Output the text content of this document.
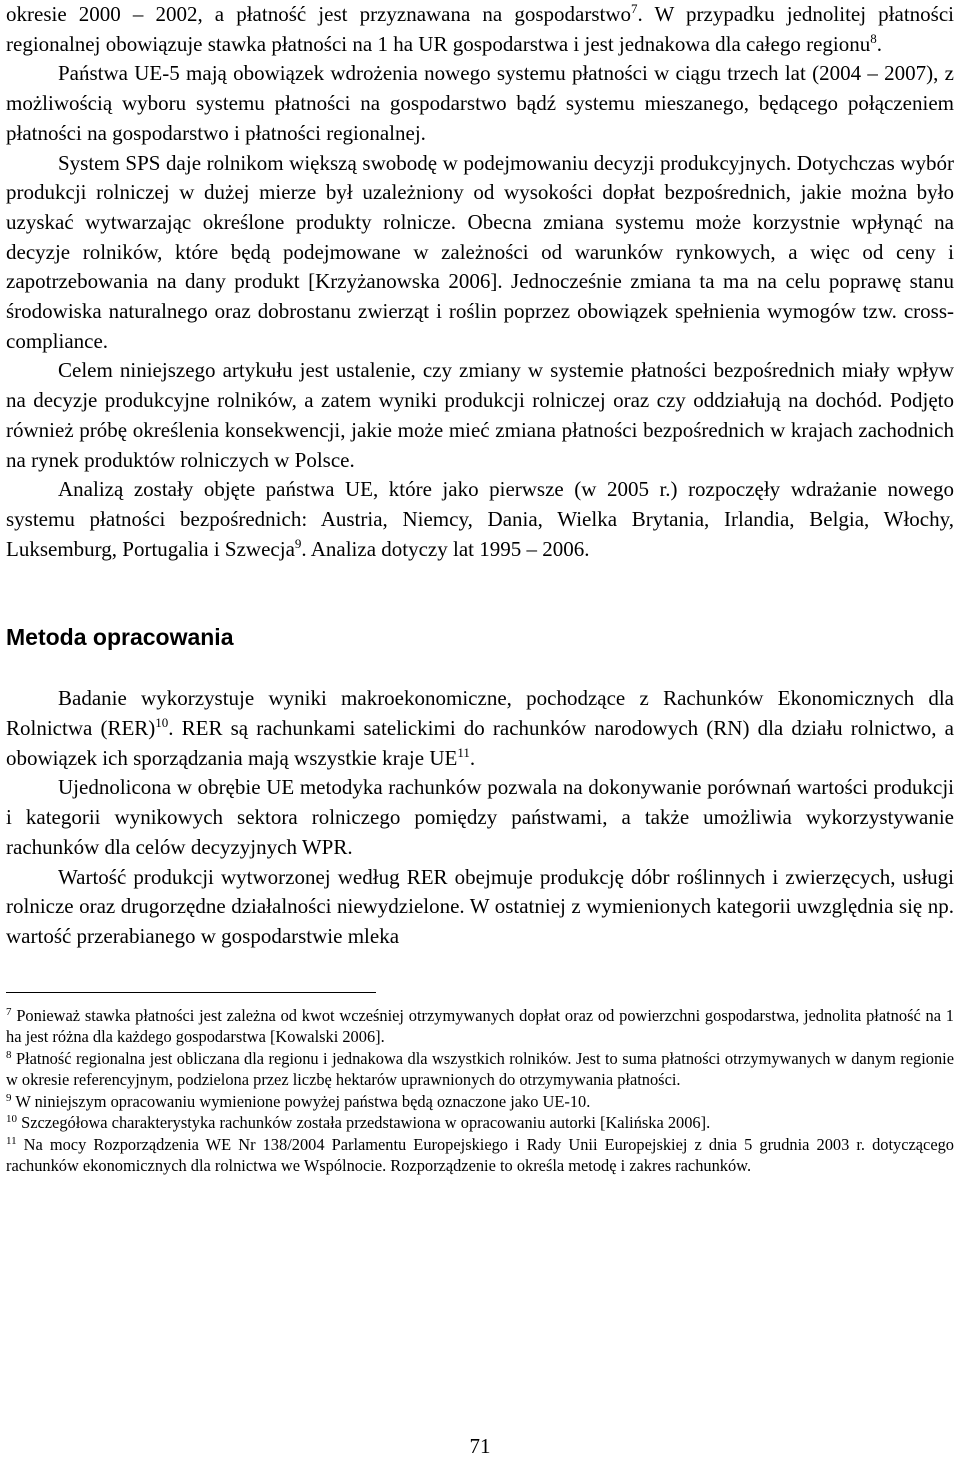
okresie 2000 – 2002, a płatność jest przyznawana na gospodarstwo$^7$. W przypadku jednolitej płatności regionalnej obowiązuje stawka płatności na 1 ha UR gospodarstwa i jest jednakowa dla całego regionu$^8$.

Państwa UE-5 mają obowiązek wdrożenia nowego systemu płatności w ciągu trzech lat (2004 – 2007), z możliwością wyboru systemu płatności na gospodarstwo bądź systemu mieszanego, będącego połączeniem płatności na gospodarstwo i płatności regionalnej.

System SPS daje rolnikom większą swobodę w podejmowaniu decyzji produkcyjnych. Dotychczas wybór produkcji rolniczej w dużej mierze był uzależniony od wysokości dopłat bezpośrednich, jakie można było uzyskać wytwarzając określone produkty rolnicze. Obecna zmiana systemu może korzystnie wpłynąć na decyzje rolników, które będą podejmowane w zależności od warunków rynkowych, a więc od ceny i zapotrzebowania na dany produkt [Krzyżanowska 2006]. Jednocześnie zmiana ta ma na celu poprawę stanu środowiska naturalnego oraz dobrostanu zwierząt i roślin poprzez obowiązek spełnienia wymogów tzw. cross-compliance.

Celem niniejszego artykułu jest ustalenie, czy zmiany w systemie płatności bezpośrednich miały wpływ na decyzje produkcyjne rolników, a zatem wyniki produkcji rolniczej oraz czy oddziałują na dochód. Podjęto również próbę określenia konsekwencji, jakie może mieć zmiana płatności bezpośrednich w krajach zachodnich na rynek produktów rolniczych w Polsce.

Analizą zostały objęte państwa UE, które jako pierwsze (w 2005 r.) rozpoczęły wdrażanie nowego systemu płatności bezpośrednich: Austria, Niemcy, Dania, Wielka Brytania, Irlandia, Belgia, Włochy, Luksemburg, Portugalia i Szwecja$^9$. Analiza dotyczy lat 1995 – 2006.

Metoda opracowania

Badanie wykorzystuje wyniki makroekonomiczne, pochodzące z Rachunków Ekonomicznych dla Rolnictwa (RER)$^{10}$. RER są rachunkami satelickimi do rachunków narodowych (RN) dla działu rolnictwo, a obowiązek ich sporządzania mają wszystkie kraje UE$^{11}$.

Ujednolicona w obrębie UE metodyka rachunków pozwala na dokonywanie porównań wartości produkcji i kategorii wynikowych sektora rolniczego pomiędzy państwami, a także umożliwia wykorzystywanie rachunków dla celów decyzyjnych WPR.

Wartość produkcji wytworzonej według RER obejmuje produkcję dóbr roślinnych i zwierzęcych, usługi rolnicze oraz drugorzędne działalności niewydzielone. W ostatniej z wymienionych kategorii uwzględnia się np. wartość przerabianego w gospodarstwie mleka

$^7$ Ponieważ stawka płatności jest zależna od kwot wcześniej otrzymywanych dopłat oraz od powierzchni gospodarstwa, jednolita płatność na 1 ha jest różna dla każdego gospodarstwa [Kowalski 2006].

$^8$ Płatność regionalna jest obliczana dla regionu i jednakowa dla wszystkich rolników. Jest to suma płatności otrzymywanych w danym regionie w okresie referencyjnym, podzielona przez liczbę hektarów uprawnionych do otrzymywania płatności.

$^9$ W niniejszym opracowaniu wymienione powyżej państwa będą oznaczone jako UE-10.

$^{10}$ Szczegółowa charakterystyka rachunków została przedstawiona w opracowaniu autorki [Kalińska 2006].

$^{11}$ Na mocy Rozporządzenia WE Nr 138/2004 Parlamentu Europejskiego i Rady Unii Europejskiej z dnia 5 grudnia 2003 r. dotyczącego rachunków ekonomicznych dla rolnictwa we Wspólnocie. Rozporządzenie to określa metodę i zakres rachunków.

71
